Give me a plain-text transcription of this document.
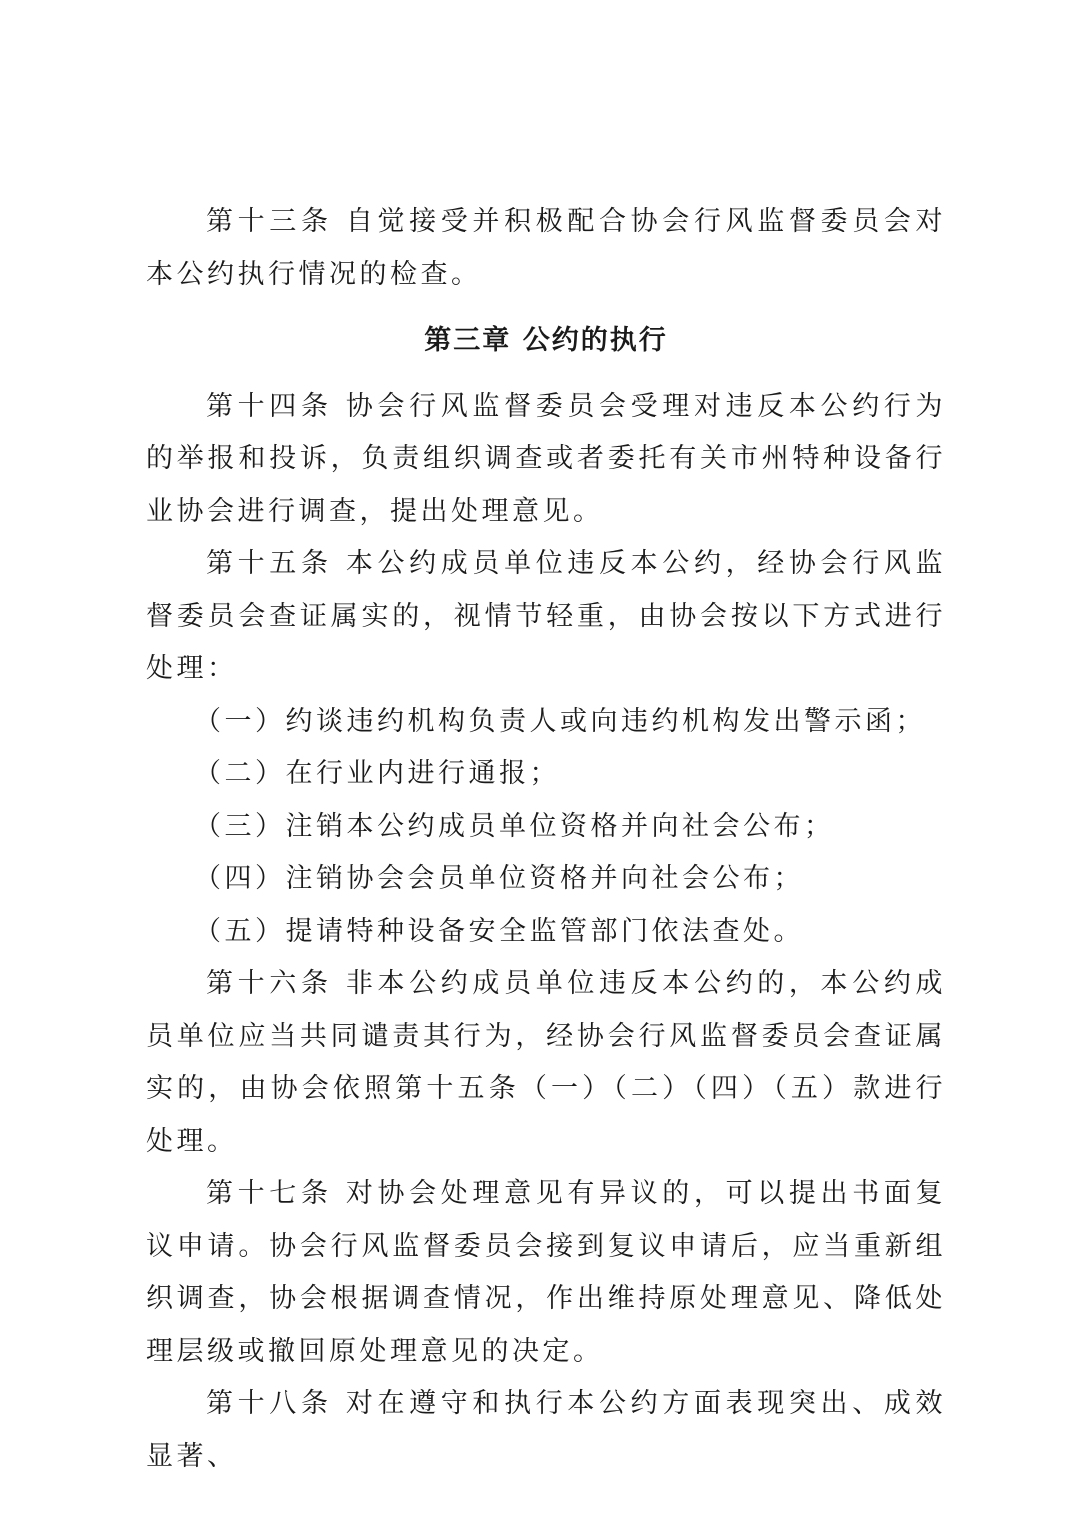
第十三条 自觉接受并积极配合协会行风监督委员会对本公约执行情况的检查。

第三章 公约的执行

第十四条 协会行风监督委员会受理对违反本公约行为的举报和投诉，负责组织调查或者委托有关市州特种设备行业协会进行调查，提出处理意见。

第十五条 本公约成员单位违反本公约，经协会行风监督委员会查证属实的，视情节轻重，由协会按以下方式进行处理：

（一）约谈违约机构负责人或向违约机构发出警示函；

（二）在行业内进行通报；

（三）注销本公约成员单位资格并向社会公布；

（四）注销协会会员单位资格并向社会公布；

（五）提请特种设备安全监管部门依法查处。

第十六条 非本公约成员单位违反本公约的，本公约成员单位应当共同谴责其行为，经协会行风监督委员会查证属实的，由协会依照第十五条（一）（二）（四）（五）款进行处理。

第十七条 对协会处理意见有异议的，可以提出书面复议申请。协会行风监督委员会接到复议申请后，应当重新组织调查，协会根据调查情况，作出维持原处理意见、降低处理层级或撤回原处理意见的决定。

第十八条 对在遵守和执行本公约方面表现突出、成效显著、
